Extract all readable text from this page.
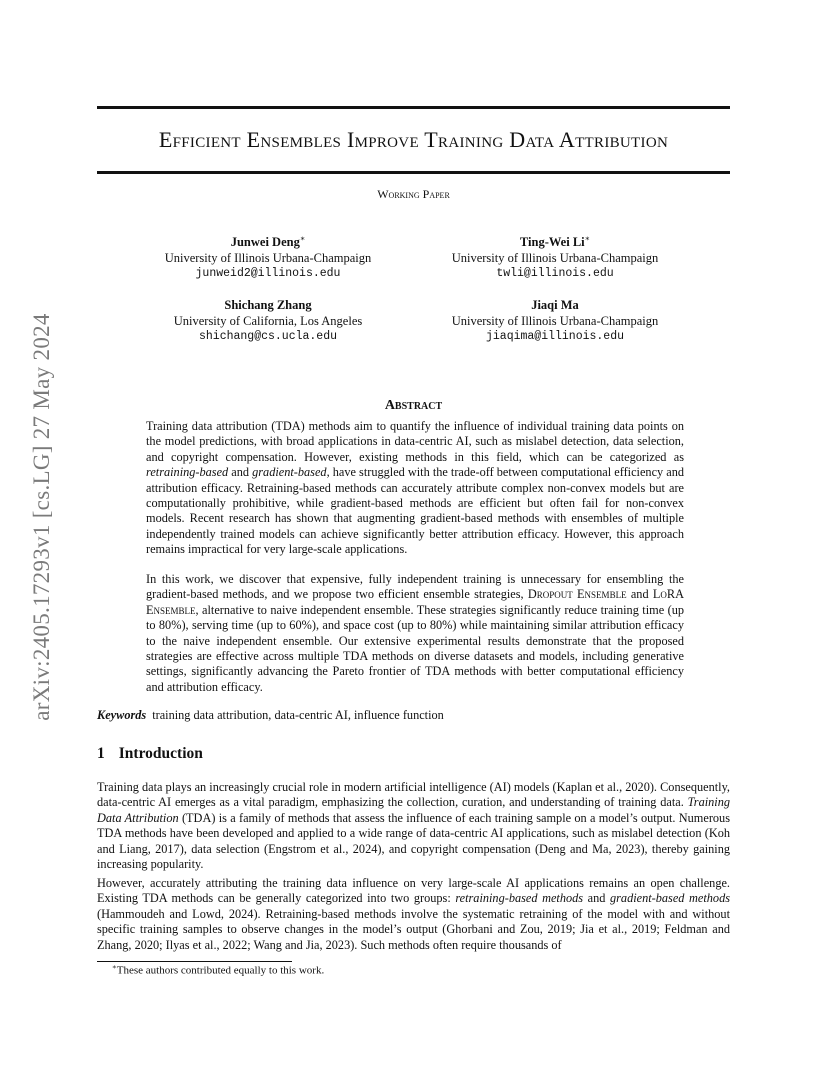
arXiv:2405.17293v1 [cs.LG] 27 May 2024
Efficient Ensembles Improve Training Data Attribution

Working Paper

Junwei Deng∗
University of Illinois Urbana-Champaign
junweid2@illinois.edu
Ting-Wei Li∗
University of Illinois Urbana-Champaign
twli@illinois.edu
Shichang Zhang
University of California, Los Angeles
shichang@cs.ucla.edu
Jiaqi Ma
University of Illinois Urbana-Champaign
jiaqima@illinois.edu
Abstract

Training data attribution (TDA) methods aim to quantify the influence of individual training data points on the model predictions, with broad applications in data-centric AI, such as mislabel detection, data selection, and copyright compensation. However, existing methods in this field, which can be categorized as retraining-based and gradient-based, have struggled with the trade-off between computational efficiency and attribution efficacy. Retraining-based methods can accurately attribute complex non-convex models but are computationally prohibitive, while gradient-based methods are efficient but often fail for non-convex models. Recent research has shown that augmenting gradient-based methods with ensembles of multiple independently trained models can achieve significantly better attribution efficacy. However, this approach remains impractical for very large-scale applications.

In this work, we discover that expensive, fully independent training is unnecessary for ensembling the gradient-based methods, and we propose two efficient ensemble strategies, Dropout Ensemble and LoRA Ensemble, alternative to naive independent ensemble. These strategies significantly reduce training time (up to 80%), serving time (up to 60%), and space cost (up to 80%) while maintaining similar attribution efficacy to the naive independent ensemble. Our extensive experimental results demonstrate that the proposed strategies are effective across multiple TDA methods on diverse datasets and models, including generative settings, significantly advancing the Pareto frontier of TDA methods with better computational efficiency and attribution efficacy.

Keywords training data attribution, data-centric AI, influence function

1 Introduction

Training data plays an increasingly crucial role in modern artificial intelligence (AI) models (Kaplan et al., 2020). Consequently, data-centric AI emerges as a vital paradigm, emphasizing the collection, curation, and understanding of training data. Training Data Attribution (TDA) is a family of methods that assess the influence of each training sample on a model’s output. Numerous TDA methods have been developed and applied to a wide range of data-centric AI applications, such as mislabel detection (Koh and Liang, 2017), data selection (Engstrom et al., 2024), and copyright compensation (Deng and Ma, 2023), thereby gaining increasing popularity.

However, accurately attributing the training data influence on very large-scale AI applications remains an open challenge. Existing TDA methods can be generally categorized into two groups: retraining-based methods and gradient-based methods (Hammoudeh and Lowd, 2024). Retraining-based methods involve the systematic retraining of the model with and without specific training samples to observe changes in the model’s output (Ghorbani and Zou, 2019; Jia et al., 2019; Feldman and Zhang, 2020; Ilyas et al., 2022; Wang and Jia, 2023). Such methods often require thousands of

∗These authors contributed equally to this work.
